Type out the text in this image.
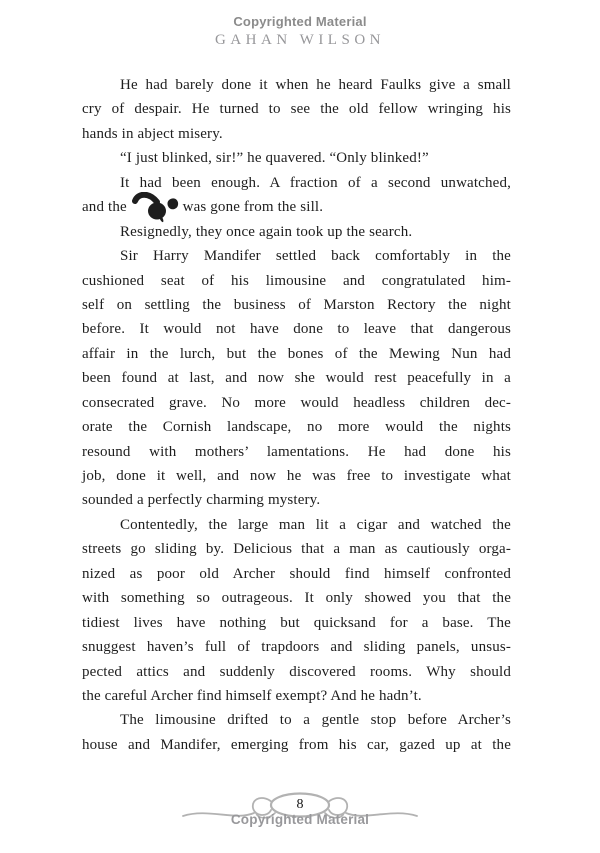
Copyrighted Material
GAHAN WILSON
He had barely done it when he heard Faulks give a small
cry of despair. He turned to see the old fellow wringing his
hands in abject misery.
“I just blinked, sir!” he quavered. “Only blinked!”
It had been enough. A fraction of a second unwatched,
and the	was gone from the sill.
Resignedly, they once again took up the search.
Sir Harry Mandifer settled back comfortably in the
cushioned seat of his limousine and congratulated him-
self on settling the business of Marston Rectory the night
before. It would not have done to leave that dangerous
affair in the lurch, but the bones of the Mewing Nun had
been found at last, and now she would rest peacefully in a
consecrated grave. No more would headless children dec-
orate the Cornish landscape, no more would the nights
resound with mothers’ lamentations. He had done his
job, done it well, and now he was free to investigate what
sounded a perfectly charming mystery.
Contentedly, the large man lit a cigar and watched the
streets go sliding by. Delicious that a man as cautiously orga-
nized as poor old Archer should find himself confronted
with something so outrageous. It only showed you that the
tidiest lives have nothing but quicksand for a base. The
snuggest haven’s full of trapdoors and sliding panels, unsus-
pected attics and suddenly discovered rooms. Why should
the careful Archer find himself exempt? And he hadn’t.
The limousine drifted to a gentle stop before Archer’s
house and Mandifer, emerging from his car, gazed up at the
8
Copyrighted Material
